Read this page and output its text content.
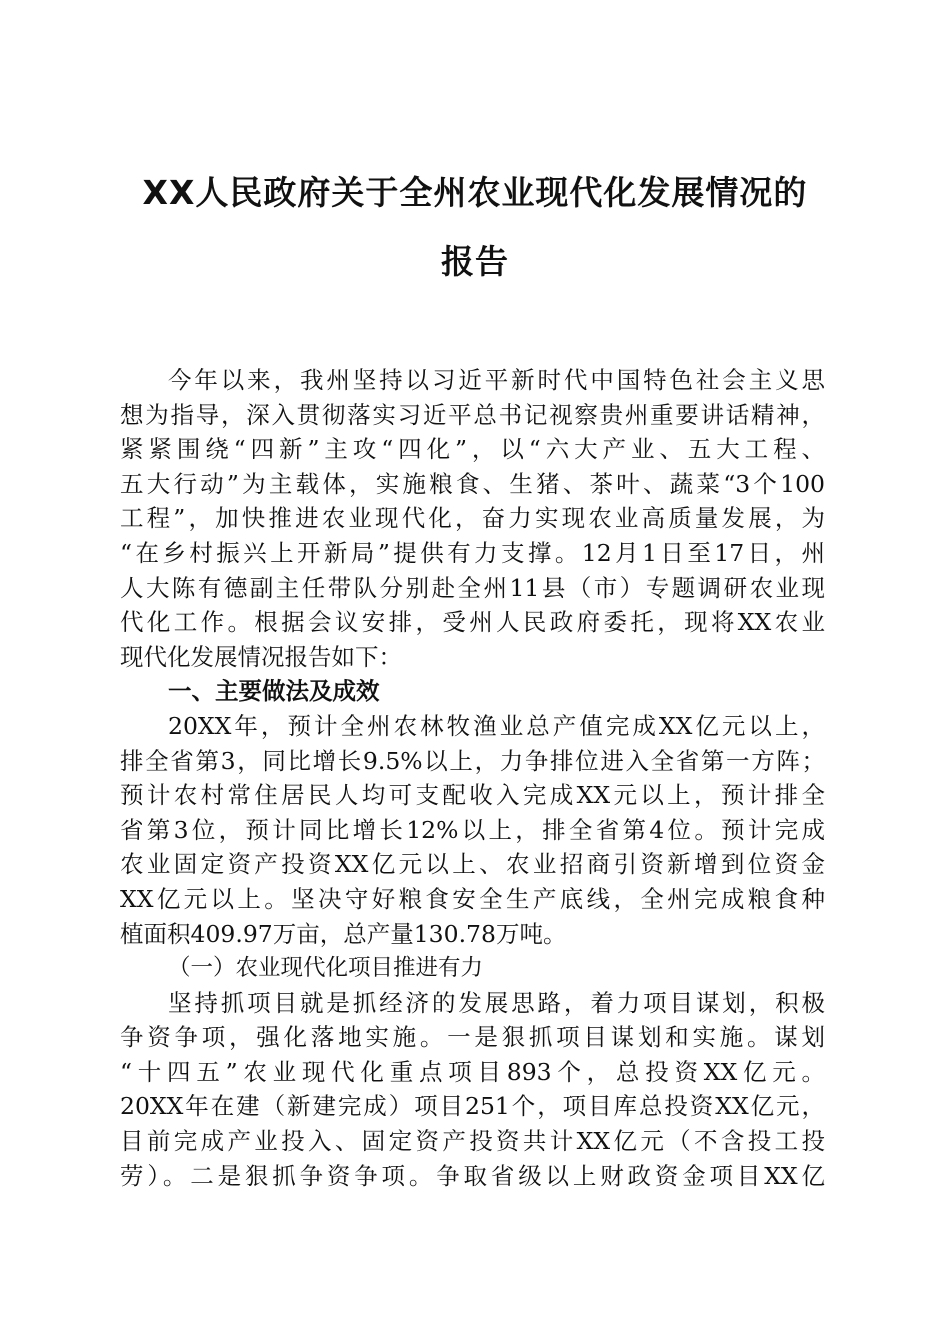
XX人民政府关于全州农业现代化发展情况的
报告
今年以来，我州坚持以习近平新时代中国特色社会主义思
想为指导，深入贯彻落实习近平总书记视察贵州重要讲话精神，
紧紧围绕“四新”主攻“四化”，以“六大产业、五大工程、
五大行动”为主载体，实施粮食、生猪、茶叶、蔬菜“3个100
工程”，加快推进农业现代化，奋力实现农业高质量发展，为
“在乡村振兴上开新局”提供有力支撑。12月1日至17日，州
人大陈有德副主任带队分别赴全州11县（市）专题调研农业现
代化工作。根据会议安排，受州人民政府委托，现将XX农业
现代化发展情况报告如下：
一、主要做法及成效
20XX年，预计全州农林牧渔业总产值完成XX亿元以上，
排全省第3，同比增长9.5%以上，力争排位进入全省第一方阵；
预计农村常住居民人均可支配收入完成XX元以上，预计排全
省第3位，预计同比增长12%以上，排全省第4位。预计完成
农业固定资产投资XX亿元以上、农业招商引资新增到位资金
XX亿元以上。坚决守好粮食安全生产底线，全州完成粮食种
植面积409.97万亩，总产量130.78万吨。
（一）农业现代化项目推进有力
坚持抓项目就是抓经济的发展思路，着力项目谋划，积极
争资争项，强化落地实施。一是狠抓项目谋划和实施。谋划
“十四五”农业现代化重点项目893个，总投资XX亿元。
20XX年在建（新建完成）项目251个，项目库总投资XX亿元，
目前完成产业投入、固定资产投资共计XX亿元（不含投工投
劳）。二是狠抓争资争项。争取省级以上财政资金项目XX亿
